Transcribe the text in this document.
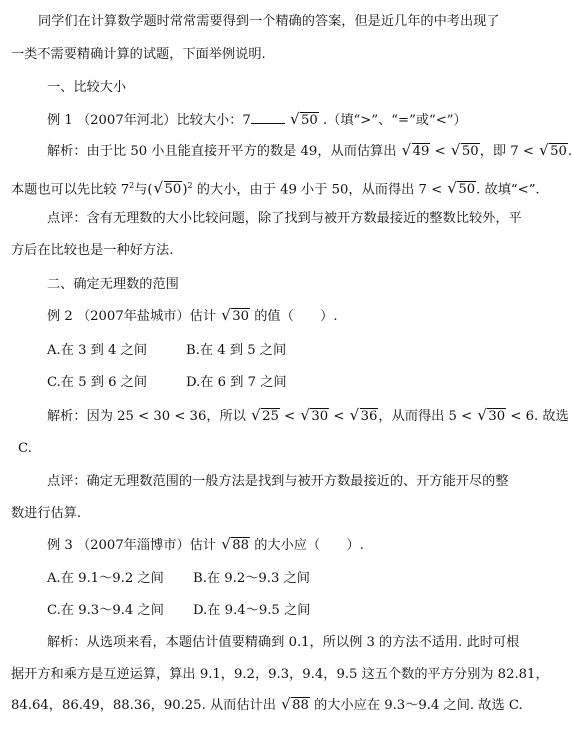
同学们在计算数学题时常常需要得到一个精确的答案，但是近几年的中考出现了
一类不需要精确计算的试题，下面举例说明.
一、比较大小
例 1 （2007年河北）比较大小：7	√ 50 .（填“>”、“=”或“<”）
解析：由于比 50 小且能直接开平方的数是 49，从而估算出 √ 49 < √ 50，即 7 < √ 50.
本题也可以先比较 $7^2$与( √ 50)$^2$ 的大小，由于 49 小于 50，从而得出 7 < √ 50. 故填“<”.
点评：含有无理数的大小比较问题，除了找到与被开方数最接近的整数比较外，平
方后在比较也是一种好方法.
二、确定无理数的范围
例 2 （2007年盐城市）估计 √ 30 的值（　　）.
A.在 3 到 4 之间	B.在 4 到 5 之间
C.在 5 到 6 之间	D.在 6 到 7 之间
解析：因为 25 < 30 < 36，所以 √ 25 < √ 30 < √ 36，从而得出 5 < √ 30 < 6. 故选
C.
点评：确定无理数范围的一般方法是找到与被开方数最接近的、开方能开尽的整
数进行估算.
例 3 （2007年淄博市）估计 √ 88 的大小应（　　）.
A.在 9.1～9.2 之间 B.在 9.2～9.3 之间
C.在 9.3～9.4 之间 D.在 9.4～9.5 之间
解析：从选项来看，本题估计值要精确到 0.1，所以例 3 的方法不适用. 此时可根
据开方和乘方是互逆运算，算出 9.1，9.2，9.3，9.4，9.5 这五个数的平方分别为 82.81，
84.64，86.49，88.36，90.25. 从而估计出 √ 88 的大小应在 9.3～9.4 之间. 故选 C.
